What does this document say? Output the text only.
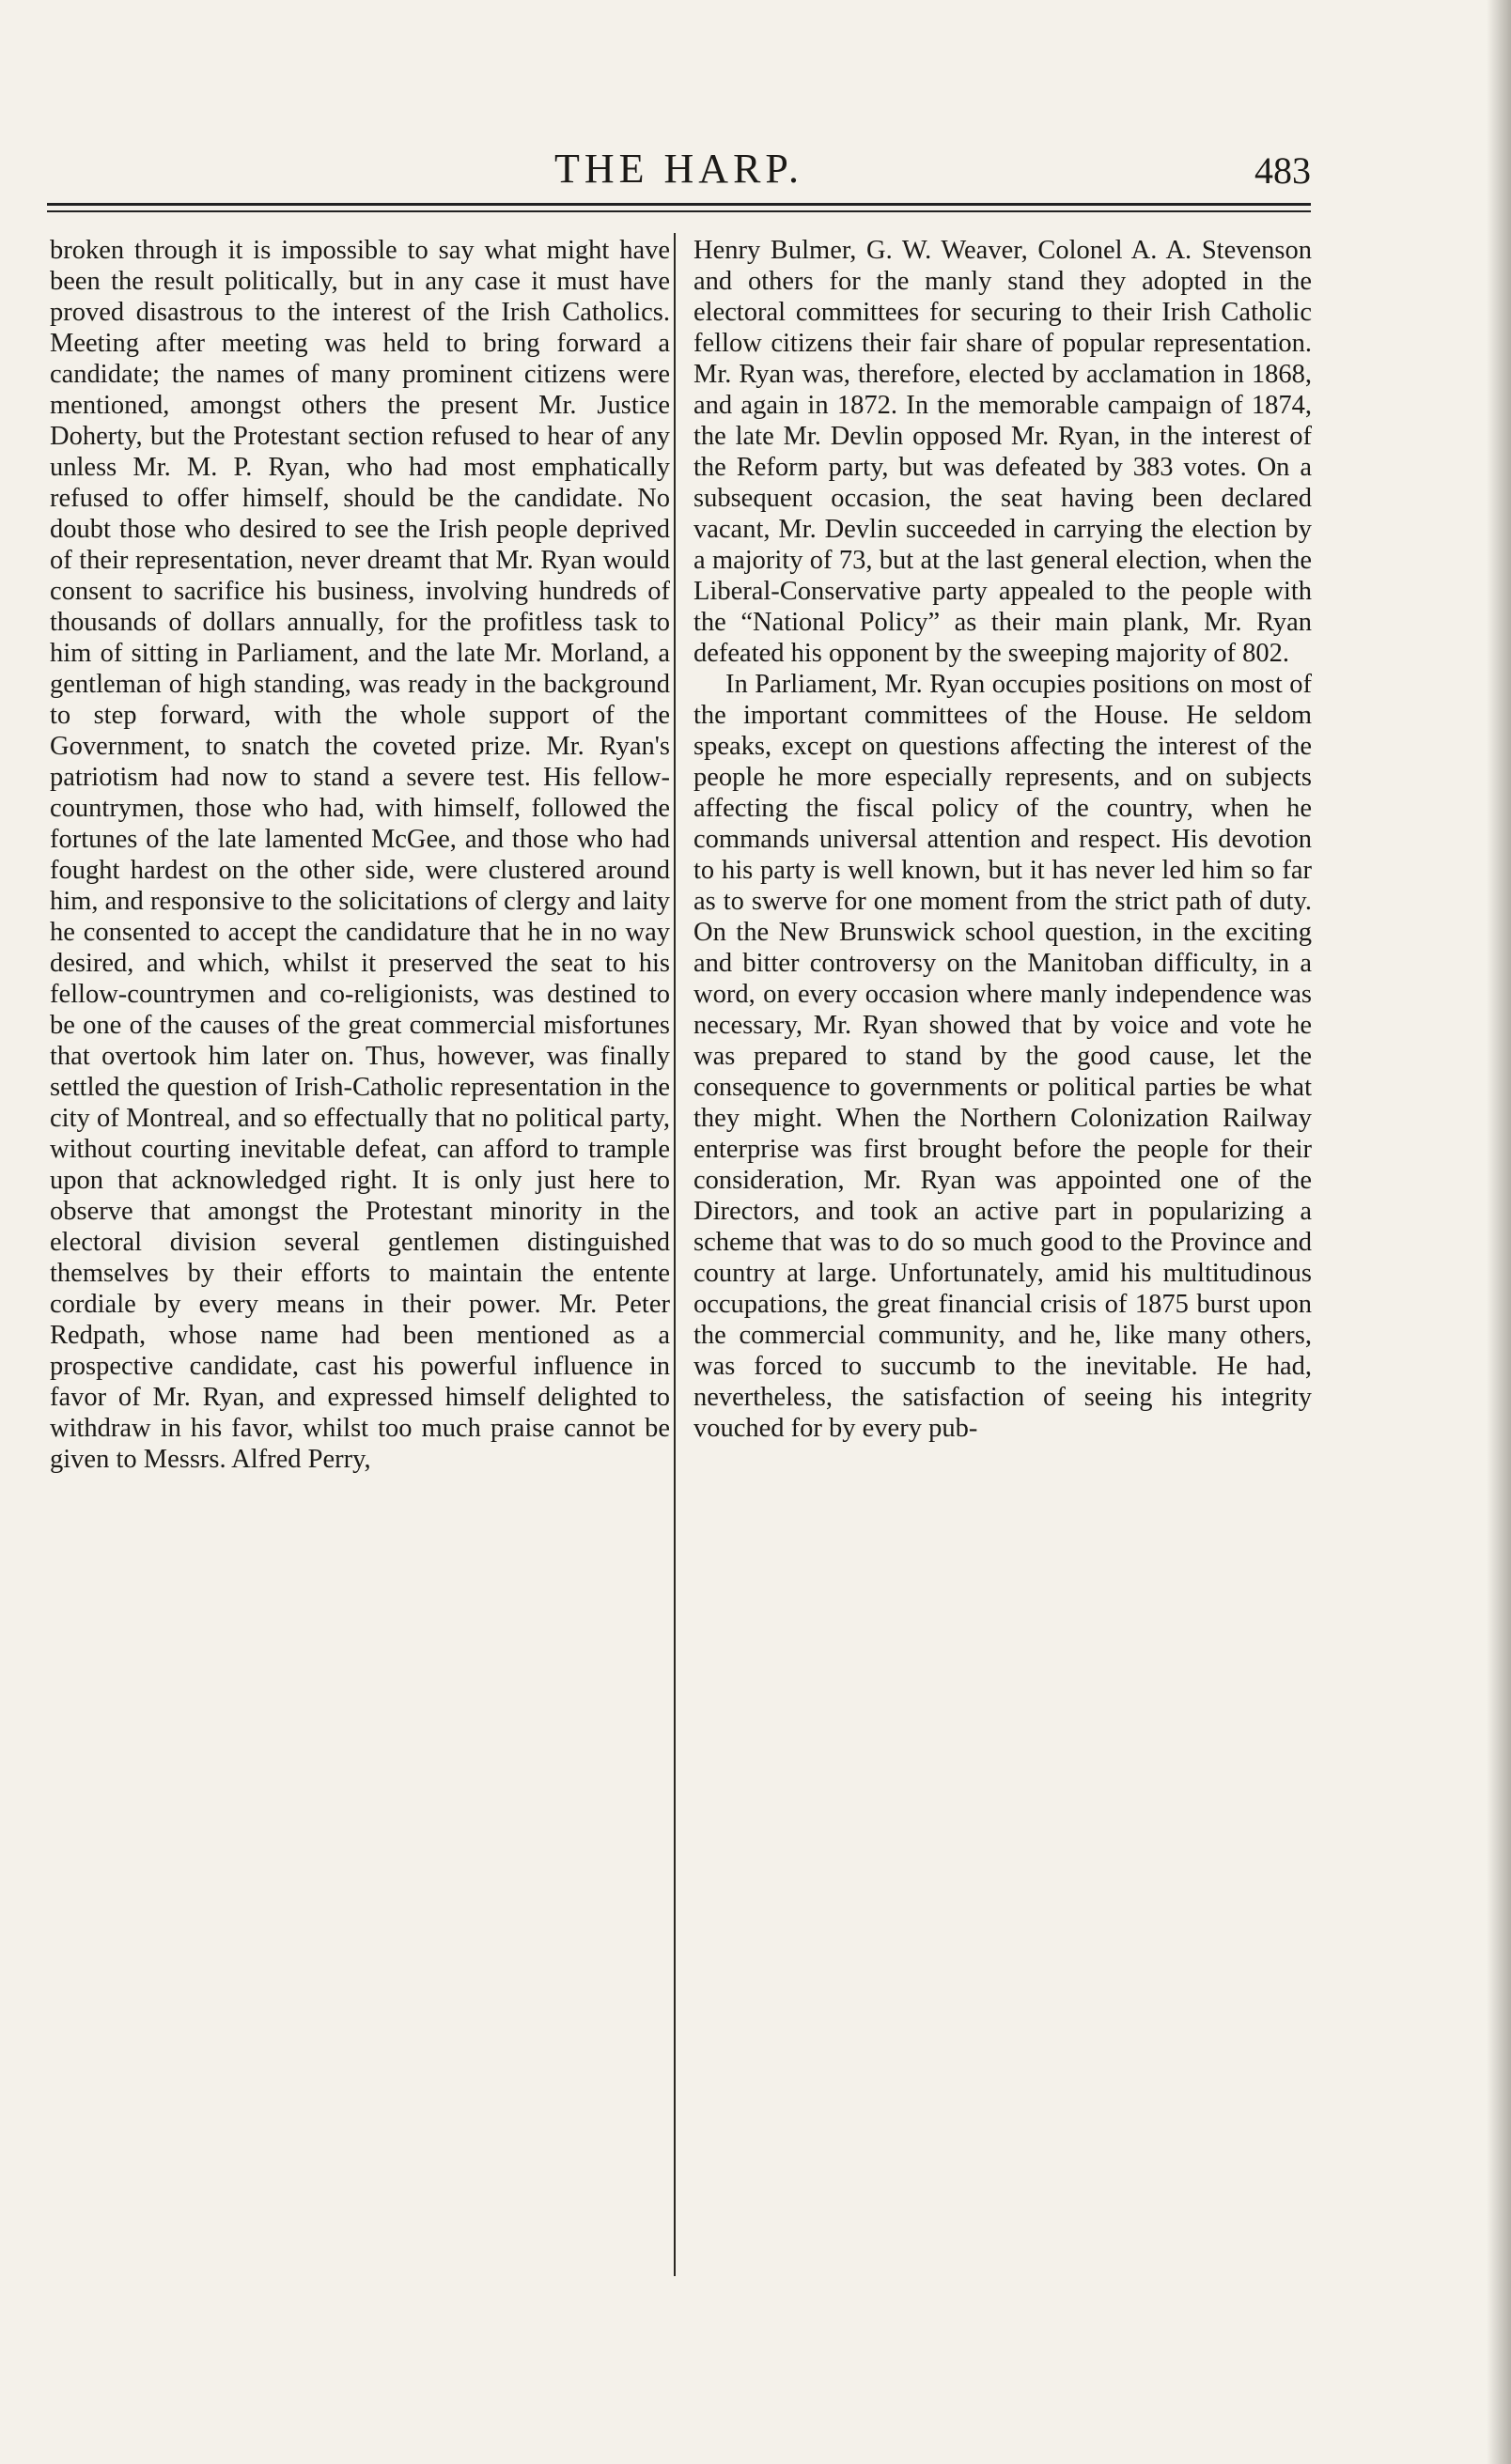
THE HARP.	483

broken through it is impossible to say what might have been the result politically, but in any case it must have proved disastrous to the interest of the Irish Catholics. Meeting after meeting was held to bring forward a candidate; the names of many prominent citizens were mentioned, amongst others the present Mr. Justice Doherty, but the Protestant section refused to hear of any unless Mr. M. P. Ryan, who had most emphatically refused to offer himself, should be the candidate. No doubt those who desired to see the Irish people deprived of their representation, never dreamt that Mr. Ryan would consent to sacrifice his business, involving hundreds of thousands of dollars annually, for the profitless task to him of sitting in Parliament, and the late Mr. Morland, a gentleman of high standing, was ready in the background to step forward, with the whole support of the Government, to snatch the coveted prize. Mr. Ryan's patriotism had now to stand a severe test. His fellow-countrymen, those who had, with himself, followed the fortunes of the late lamented McGee, and those who had fought hardest on the other side, were clustered around him, and responsive to the solicitations of clergy and laity he consented to accept the candidature that he in no way desired, and which, whilst it preserved the seat to his fellow-countrymen and co-religionists, was destined to be one of the causes of the great commercial misfortunes that overtook him later on. Thus, however, was finally settled the question of Irish-Catholic representation in the city of Montreal, and so effectually that no political party, without courting inevitable defeat, can afford to trample upon that acknowledged right. It is only just here to observe that amongst the Protestant minority in the electoral division several gentlemen distinguished themselves by their efforts to maintain the entente cordiale by every means in their power. Mr. Peter Redpath, whose name had been mentioned as a prospective candidate, cast his powerful influence in favor of Mr. Ryan, and expressed himself delighted to withdraw in his favor, whilst too much praise cannot be given to Messrs. Alfred Perry,

Henry Bulmer, G. W. Weaver, Colonel A. A. Stevenson and others for the manly stand they adopted in the electoral committees for securing to their Irish Catholic fellow citizens their fair share of popular representation. Mr. Ryan was, therefore, elected by acclamation in 1868, and again in 1872. In the memorable campaign of 1874, the late Mr. Devlin opposed Mr. Ryan, in the interest of the Reform party, but was defeated by 383 votes. On a subsequent occasion, the seat having been declared vacant, Mr. Devlin succeeded in carrying the election by a majority of 73, but at the last general election, when the Liberal-Conservative party appealed to the people with the “National Policy” as their main plank, Mr. Ryan defeated his opponent by the sweeping majority of 802.

In Parliament, Mr. Ryan occupies positions on most of the important committees of the House. He seldom speaks, except on questions affecting the interest of the people he more especially represents, and on subjects affecting the fiscal policy of the country, when he commands universal attention and respect. His devotion to his party is well known, but it has never led him so far as to swerve for one moment from the strict path of duty. On the New Brunswick school question, in the exciting and bitter controversy on the Manitoban difficulty, in a word, on every occasion where manly independence was necessary, Mr. Ryan showed that by voice and vote he was prepared to stand by the good cause, let the consequence to governments or political parties be what they might. When the Northern Colonization Railway enterprise was first brought before the people for their consideration, Mr. Ryan was appointed one of the Directors, and took an active part in popularizing a scheme that was to do so much good to the Province and country at large. Unfortunately, amid his multitudinous occupations, the great financial crisis of 1875 burst upon the commercial community, and he, like many others, was forced to succumb to the inevitable. He had, nevertheless, the satisfaction of seeing his integrity vouched for by every pub-
